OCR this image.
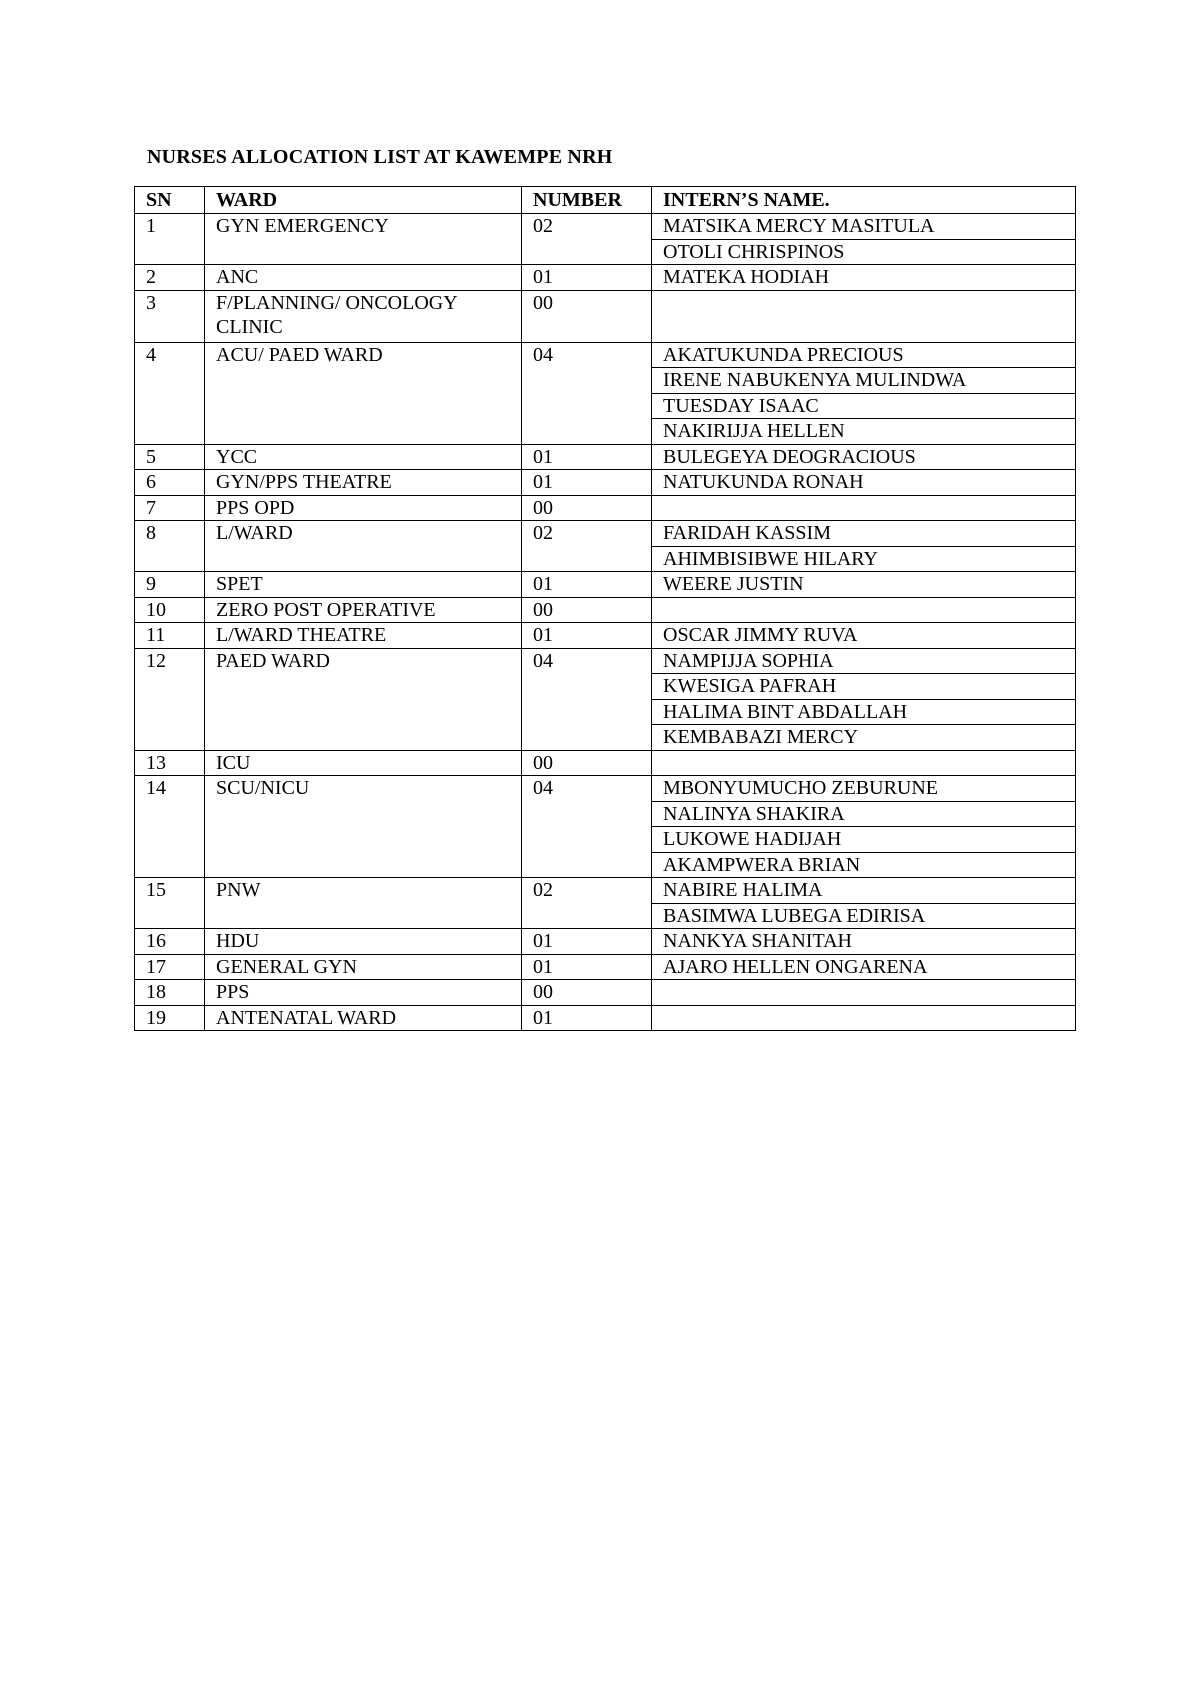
NURSES ALLOCATION LIST AT KAWEMPE NRH
SN	WARD	NUMBER	INTERN’S NAME.
1	GYN EMERGENCY	02	MATSIKA MERCY MASITULA
			OTOLI CHRISPINOS
2	ANC	01	MATEKA HODIAH
3	F/PLANNING/ ONCOLOGY CLINIC	00	
4	ACU/ PAED WARD	04	AKATUKUNDA PRECIOUS
			IRENE NABUKENYA MULINDWA
			TUESDAY ISAAC
			NAKIRIJJA HELLEN
5	YCC	01	BULEGEYA DEOGRACIOUS
6	GYN/PPS THEATRE	01	NATUKUNDA RONAH
7	PPS OPD	00	
8	L/WARD	02	FARIDAH KASSIM
			AHIMBISIBWE HILARY
9	SPET	01	WEERE JUSTIN
10	ZERO POST OPERATIVE	00	
11	L/WARD THEATRE	01	OSCAR JIMMY RUVA
12	PAED WARD	04	NAMPIJJA SOPHIA
			KWESIGA PAFRAH
			HALIMA BINT ABDALLAH
			KEMBABAZI MERCY
13	ICU	00	
14	SCU/NICU	04	MBONYUMUCHO ZEBURUNE
			NALINYA SHAKIRA
			LUKOWE HADIJAH
			AKAMPWERA BRIAN
15	PNW	02	NABIRE HALIMA
			BASIMWA LUBEGA EDIRISA
16	HDU	01	NANKYA SHANITAH
17	GENERAL GYN	01	AJARO HELLEN ONGARENA
18	PPS	00	
19	ANTENATAL WARD	01	
